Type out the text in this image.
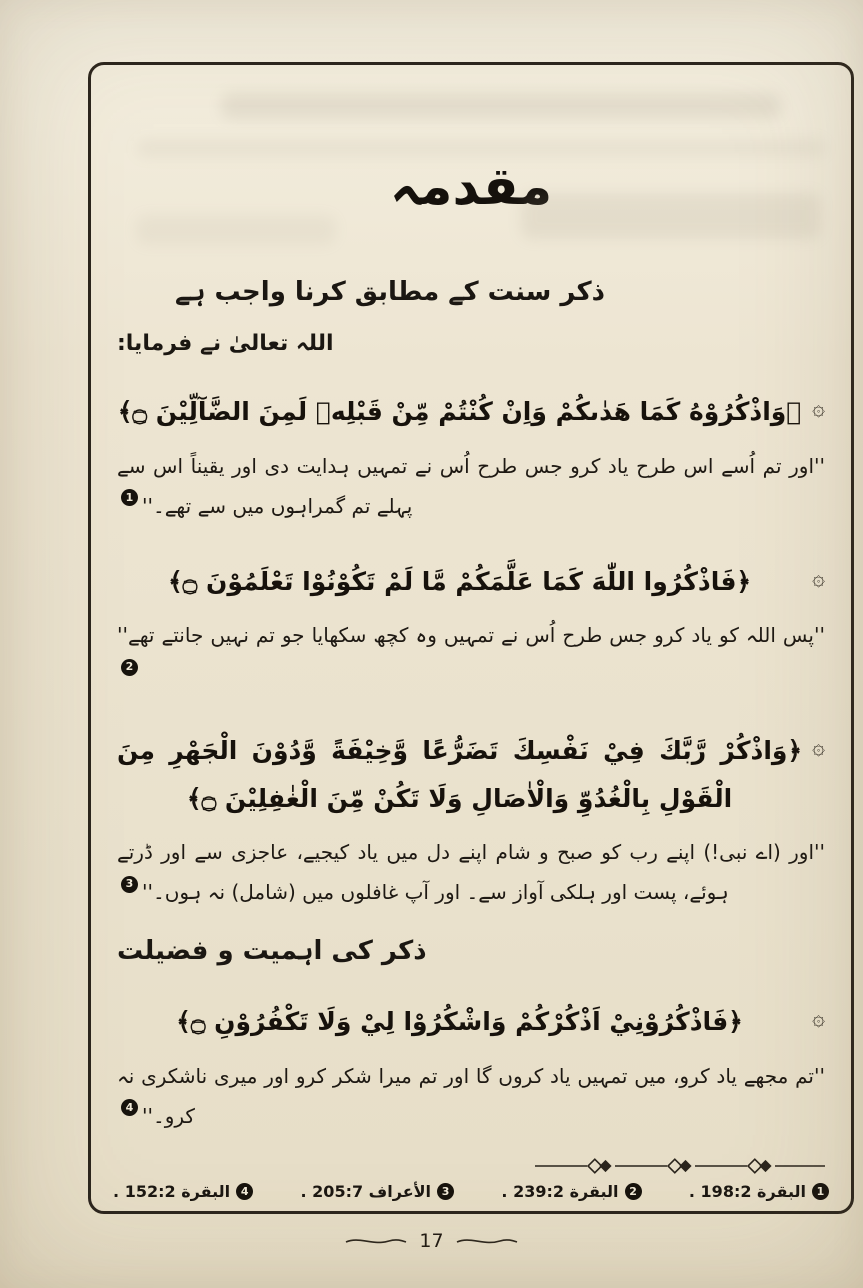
مقدمہ
ذکر سنت کے مطابق کرنا واجب ہے

اللہ تعالیٰ نے فرمایا:

۞
﴿وَاذْكُرُوْهُ كَمَا هَدٰىكُمْ وَاِنْ كُنْتُمْ مِّنْ قَبْلِهٖ لَمِنَ الضَّآلِّيْنَ ۝﴾

''اور تم اُسے اس طرح یاد کرو جس طرح اُس نے تمہیں ہدایت دی اور یقیناً اس سے پہلے تم گمراہوں میں سے تھے۔''1

۞
﴿فَاذْكُرُوا اللّٰهَ كَمَا عَلَّمَكُمْ مَّا لَمْ تَكُوْنُوْا تَعْلَمُوْنَ ۝﴾

''پس اللہ کو یاد کرو جس طرح اُس نے تمہیں وہ کچھ سکھایا جو تم نہیں جانتے تھے''2

۞
﴿وَاذْكُرْ رَّبَّكَ فِيْ نَفْسِكَ تَضَرُّعًا وَّخِيْفَةً وَّدُوْنَ الْجَهْرِ مِنَ الْقَوْلِ بِالْغُدُوِّ وَالْاٰصَالِ وَلَا تَكُنْ مِّنَ الْغٰفِلِيْنَ ۝﴾

''اور (اے نبی!) اپنے رب کو صبح و شام اپنے دل میں یاد کیجیے، عاجزی سے اور ڈرتے ہوئے، پست اور ہلکی آواز سے۔ اور آپ غافلوں میں (شامل) نہ ہوں۔''3

ذکر کی اہمیت و فضیلت
۞
﴿فَاذْكُرُوْنِيْ اَذْكُرْكُمْ وَاشْكُرُوْا لِيْ وَلَا تَكْفُرُوْنِ ۝﴾

''تم مجھے یاد کرو، میں تمہیں یاد کروں گا اور تم میرا شکر کرو اور میری ناشکری نہ کرو۔''4

1
البقرة 198:2 .
2
البقرة 239:2 .
3
الأعراف 205:7 .
4
البقرة 152:2 .
17
